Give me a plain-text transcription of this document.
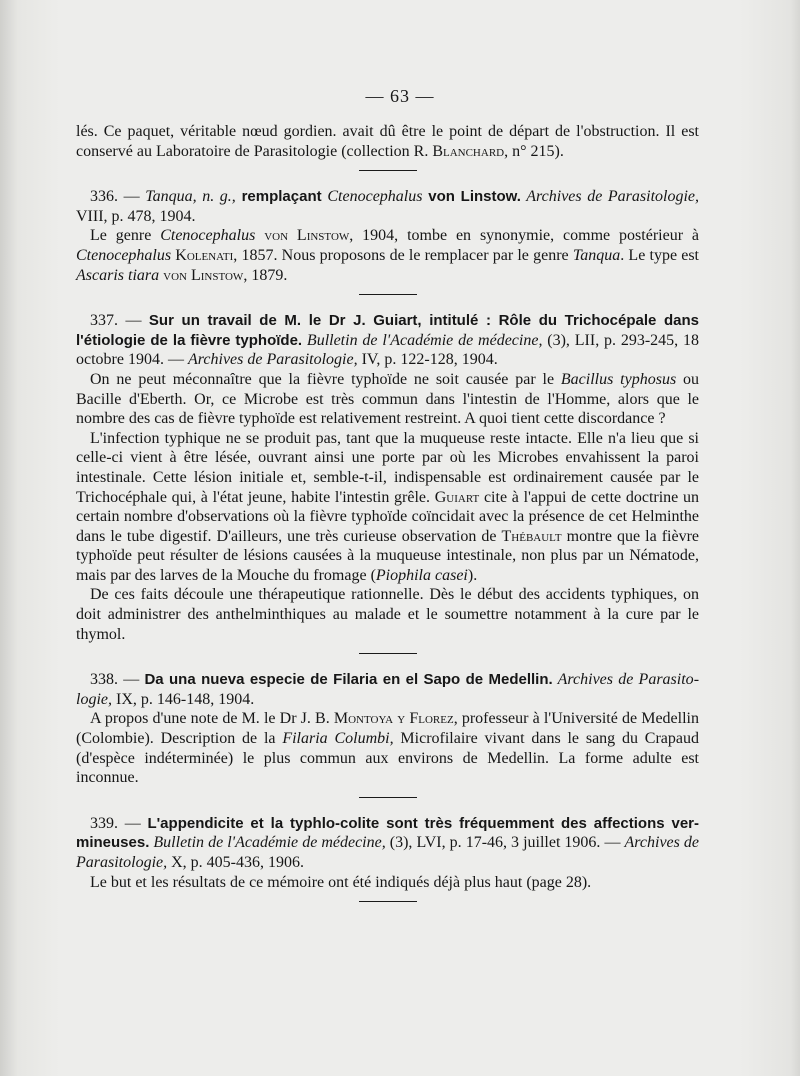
— 63 —

lés. Ce paquet, véritable nœud gordien. avait dû être le point de départ de l'obstruction. Il est conservé au Laboratoire de Parasitologie (collection R. Blanchard, n° 215).

336. — Tanqua, n. g., remplaçant Ctenocephalus von Linstow. Archives de Parasitologie, VIII, p. 478, 1904.

Le genre Ctenocephalus von Linstow, 1904, tombe en synonymie, comme postérieur à Ctenocephalus Kolenati, 1857. Nous proposons de le remplacer par le genre Tanqua. Le type est Ascaris tiara von Linstow, 1879.

337. — Sur un travail de M. le Dr J. Guiart, intitulé : Rôle du Trichocépale dans l'étiologie de la fièvre typhoïde. Bulletin de l'Académie de médecine, (3), LII, p. 293-245, 18 octobre 1904. — Archives de Parasitologie, IV, p. 122-128, 1904.

On ne peut méconnaître que la fièvre typhoïde ne soit causée par le Bacillus typhosus ou Bacille d'Eberth. Or, ce Microbe est très commun dans l'intestin de l'Homme, alors que le nombre des cas de fièvre typhoïde est relativement restreint. A quoi tient cette discordance ?

L'infection typhique ne se produit pas, tant que la muqueuse reste intacte. Elle n'a lieu que si celle-ci vient à être lésée, ouvrant ainsi une porte par où les Microbes envahissent la paroi intestinale. Cette lésion initiale et, semble-t-il, indispensable est ordinairement causée par le Trichocéphale qui, à l'état jeune, habite l'intestin grêle. Guiart cite à l'appui de cette doctrine un certain nombre d'observations où la fièvre typhoïde coïncidait avec la présence de cet Helminthe dans le tube digestif. D'ailleurs, une très curieuse observation de Thébault montre que la fièvre typhoïde peut résulter de lésions causées à la muqueuse intestinale, non plus par un Nématode, mais par des larves de la Mouche du fromage (Piophila casei).

De ces faits découle une thérapeutique rationnelle. Dès le début des accidents typhiques, on doit administrer des anthelminthiques au malade et le soumettre notamment à la cure par le thymol.

338. — Da una nueva especie de Filaria en el Sapo de Medellin. Archives de Parasitologie, IX, p. 146-148, 1904.

A propos d'une note de M. le Dr J. B. Montoya y Florez, professeur à l'Université de Medellin (Colombie). Description de la Filaria Columbi, Microfilaire vivant dans le sang du Crapaud (d'espèce indéterminée) le plus commun aux environs de Medellin. La forme adulte est inconnue.

339. — L'appendicite et la typhlo-colite sont très fréquemment des affections vermineuses. Bulletin de l'Académie de médecine, (3), LVI, p. 17-46, 3 juillet 1906. — Archives de Parasitologie, X, p. 405-436, 1906.

Le but et les résultats de ce mémoire ont été indiqués déjà plus haut (page 28).
